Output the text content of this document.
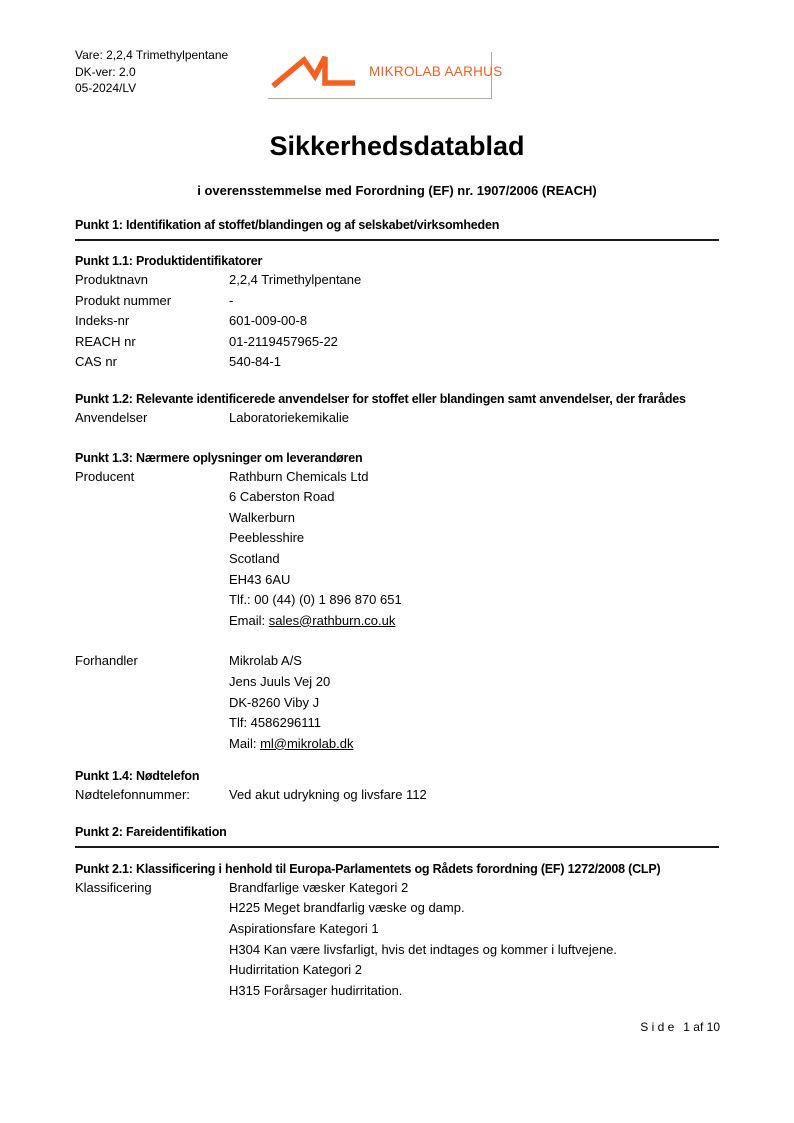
Vare: 2,2,4 Trimethylpentane
DK-ver: 2.0
05-2024/LV
MIKROLAB AARHUS
Sikkerhedsdatablad
i overensstemmelse med Forordning (EF) nr. 1907/2006 (REACH)
Punkt 1: Identifikation af stoffet/blandingen og af selskabet/virksomheden
Punkt 1.1: Produktidentifikatorer
Produktnavn	2,2,4 Trimethylpentane
Produkt nummer	-
Indeks-nr	601-009-00-8
REACH nr	01-2119457965-22
CAS nr	540-84-1
Punkt 1.2: Relevante identificerede anvendelser for stoffet eller blandingen samt anvendelser, der frarådes
Anvendelser	Laboratoriekemikalie
Punkt 1.3: Nærmere oplysninger om leverandøren
Producent	Rathburn Chemicals Ltd
6 Caberston Road
Walkerburn
Peeblesshire
Scotland
EH43 6AU
Tlf.: 00 (44) (0) 1 896 870 651
Email: sales@rathburn.co.uk
Forhandler	Mikrolab A/S
Jens Juuls Vej 20
DK-8260 Viby J
Tlf: 4586296111
Mail: ml@mikrolab.dk
Punkt 1.4: Nødtelefon
Nødtelefonnummer:	Ved akut udrykning og livsfare 112
Punkt 2: Fareidentifikation
Punkt 2.1: Klassificering i henhold til Europa-Parlamentets og Rådets forordning (EF) 1272/2008 (CLP)
Klassificering	Brandfarlige væsker Kategori 2
H225 Meget brandfarlig væske og damp.
Aspirationsfare Kategori 1
H304 Kan være livsfarligt, hvis det indtages og kommer i luftvejene.
Hudirritation Kategori 2
H315 Forårsager hudirritation.
S i d e 1 af 10
